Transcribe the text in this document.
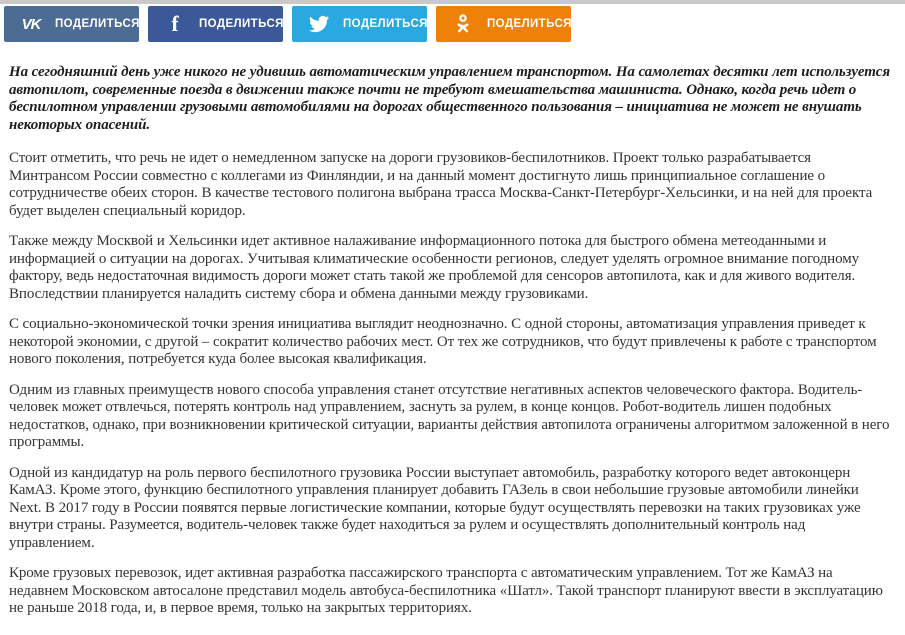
VK ПОДЕЛИТЬСЯ 2	f	ПОДЕЛИТЬСЯ 1	ПОДЕЛИТЬСЯ 1	ПОДЕЛИТЬСЯ 0

На сегодняшний день уже никого не удивишь автоматическим управлением транспортом. На самолетах десятки лет используется автопилот, современные поезда в движении также почти не требуют вмешательства машиниста. Однако, когда речь идет о беспилотном управлении грузовыми автомобилями на дорогах общественного пользования – инициатива не может не внушать некоторых опасений.

Стоит отметить, что речь не идет о немедленном запуске на дороги грузовиков-беспилотников. Проект только разрабатывается Минтрансом России совместно с коллегами из Финляндии, и на данный момент достигнуто лишь принципиальное соглашение о сотрудничестве обеих сторон. В качестве тестового полигона выбрана трасса Москва-Санкт-Петербург-Хельсинки, и на ней для проекта будет выделен специальный коридор.

Также между Москвой и Хельсинки идет активное налаживание информационного потока для быстрого обмена метеоданными и информацией о ситуации на дорогах. Учитывая климатические особенности регионов, следует уделять огромное внимание погодному фактору, ведь недостаточная видимость дороги может стать такой же проблемой для сенсоров автопилота, как и для живого водителя. Впоследствии планируется наладить систему сбора и обмена данными между грузовиками.

С социально-экономической точки зрения инициатива выглядит неоднозначно. С одной стороны, автоматизация управления приведет к некоторой экономии, с другой – сократит количество рабочих мест. От тех же сотрудников, что будут привлечены к работе с транспортом нового поколения, потребуется куда более высокая квалификация.

Одним из главных преимуществ нового способа управления станет отсутствие негативных аспектов человеческого фактора. Водитель-человек может отвлечься, потерять контроль над управлением, заснуть за рулем, в конце концов. Робот-водитель лишен подобных недостатков, однако, при возникновении критической ситуации, варианты действия автопилота ограничены алгоритмом заложенной в него программы.

Одной из кандидатур на роль первого беспилотного грузовика России выступает автомобиль, разработку которого ведет автоконцерн КамАЗ. Кроме этого, функцию беспилотного управления планирует добавить ГАЗель в свои небольшие грузовые автомобили линейки Next. В 2017 году в России появятся первые логистические компании, которые будут осуществлять перевозки на таких грузовиках уже внутри страны. Разумеется, водитель-человек также будет находиться за рулем и осуществлять дополнительный контроль над управлением.

Кроме грузовых перевозок, идет активная разработка пассажирского транспорта с автоматическим управлением. Тот же КамАЗ на недавнем Московском автосалоне представил модель автобуса-беспилотника «Шатл». Такой транспорт планируют ввести в эксплуатацию не раньше 2018 года, и, в первое время, только на закрытых территориях.
